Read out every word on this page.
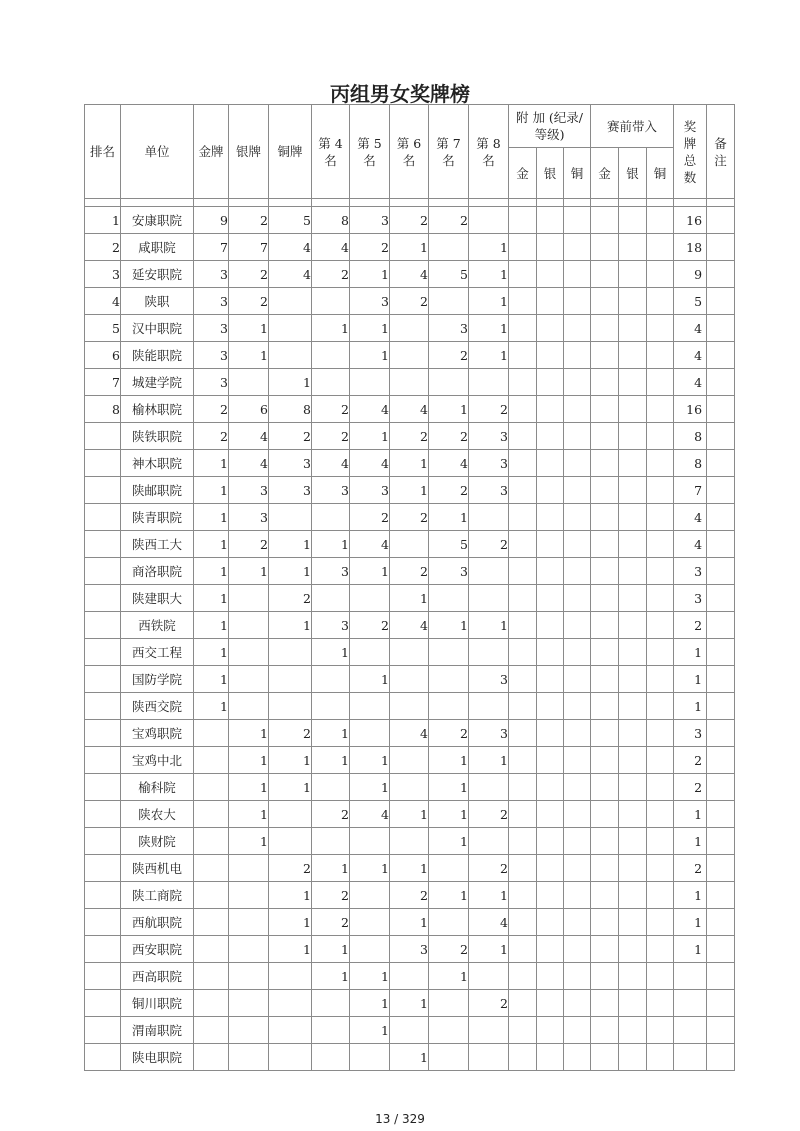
丙组男女奖牌榜
排名	单位	金牌	银牌	铜牌	第 4 名	第 5 名	第 6 名	第 7 名	第 8 名	附 加 (纪录/等级)			赛前带入			奖牌总数	备注
										金	银	铜	金	银	铜		

1	安康职院	9	2	5	8	3	2	2								16	
2	咸职院	7	7	4	4	2	1		1							18	
3	延安职院	3	2	4	2	1	4	5	1							9	
4	陕职	3	2			3	2		1							5	
5	汉中职院	3	1		1	1		3	1							4	
6	陕能职院	3	1			1		2	1							4	
7	城建学院	3		1												4	
8	榆林职院	2	6	8	2	4	4	1	2							16	
	陕铁职院	2	4	2	2	1	2	2	3							8	
	神木职院	1	4	3	4	4	1	4	3							8	
	陕邮职院	1	3	3	3	3	1	2	3							7	
	陕青职院	1	3			2	2	1								4	
	陕西工大	1	2	1	1	4		5	2							4	
	商洛职院	1	1	1	3	1	2	3								3	
	陕建职大	1		2			1									3	
	西铁院	1		1	3	2	4	1	1							2	
	西交工程	1			1											1	
	国防学院	1				1			3							1	
	陕西交院	1														1	
	宝鸡职院		1	2	1		4	2	3							3	
	宝鸡中北		1	1	1	1		1	1							2	
	榆科院		1	1		1		1								2	
	陕农大		1		2	4	1	1	2							1	
	陕财院		1					1								1	
	陕西机电			2	1	1	1		2							2	
	陕工商院			1	2		2	1	1							1	
	西航职院			1	2		1		4							1	
	西安职院			1	1		3	2	1							1	
	西高职院				1	1		1									
	铜川职院					1	1		2								
	渭南职院					1											
	陕电职院						1										
13 / 329
